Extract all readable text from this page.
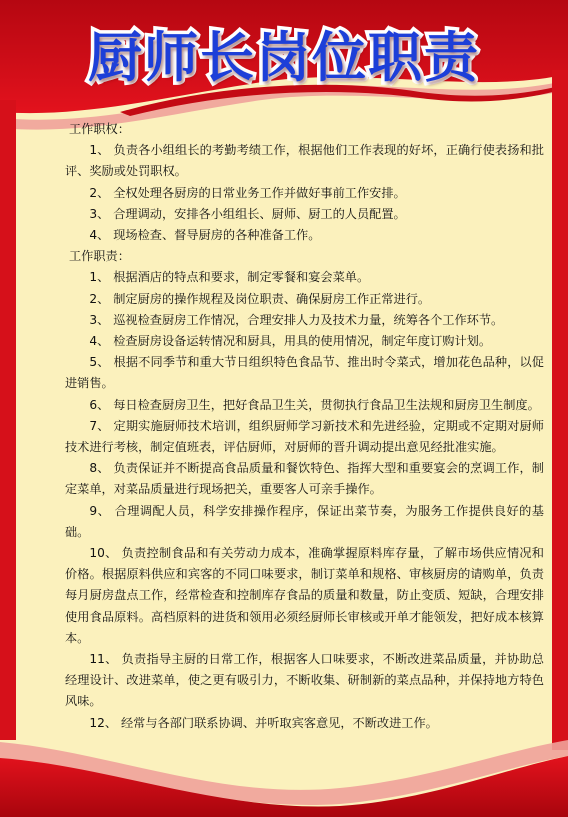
厨师长岗位职责

工作职权：

1、 负责各小组组长的考勤考绩工作，根据他们工作表现的好坏，正确行使表扬和批评、奖励或处罚职权。

2、 全权处理各厨房的日常业务工作并做好事前工作安排。

3、 合理调动，安排各小组组长、厨师、厨工的人员配置。

4、 现场检查、督导厨房的各种准备工作。

工作职责：

1、 根据酒店的特点和要求，制定零餐和宴会菜单。

2、 制定厨房的操作规程及岗位职责、确保厨房工作正常进行。

3、 巡视检查厨房工作情况，合理安排人力及技术力量，统筹各个工作环节。

4、 检查厨房设备运转情况和厨具，用具的使用情况，制定年度订购计划。

5、 根据不同季节和重大节日组织特色食品节、推出时令菜式，增加花色品种，以促进销售。

6、 每日检查厨房卫生，把好食品卫生关，贯彻执行食品卫生法规和厨房卫生制度。

7、 定期实施厨师技术培训，组织厨师学习新技术和先进经验，定期或不定期对厨师技术进行考核，制定值班表，评估厨师，对厨师的晋升调动提出意见经批准实施。

8、 负责保证并不断提高食品质量和餐饮特色、指挥大型和重要宴会的烹调工作，制定菜单，对菜品质量进行现场把关，重要客人可亲手操作。

9、 合理调配人员，科学安排操作程序，保证出菜节奏，为服务工作提供良好的基础。

10、 负责控制食品和有关劳动力成本，准确掌握原料库存量，了解市场供应情况和价格。根据原料供应和宾客的不同口味要求，制订菜单和规格、审核厨房的请购单，负责每月厨房盘点工作，经常检查和控制库存食品的质量和数量，防止变质、短缺，合理安排使用食品原料。高档原料的进货和领用必须经厨师长审核或开单才能领发，把好成本核算本。

11、 负责指导主厨的日常工作，根据客人口味要求，不断改进菜品质量，并协助总经理设计、改进菜单，使之更有吸引力，不断收集、研制新的菜点品种，并保持地方特色风味。

12、 经常与各部门联系协调、并听取宾客意见，不断改进工作。
